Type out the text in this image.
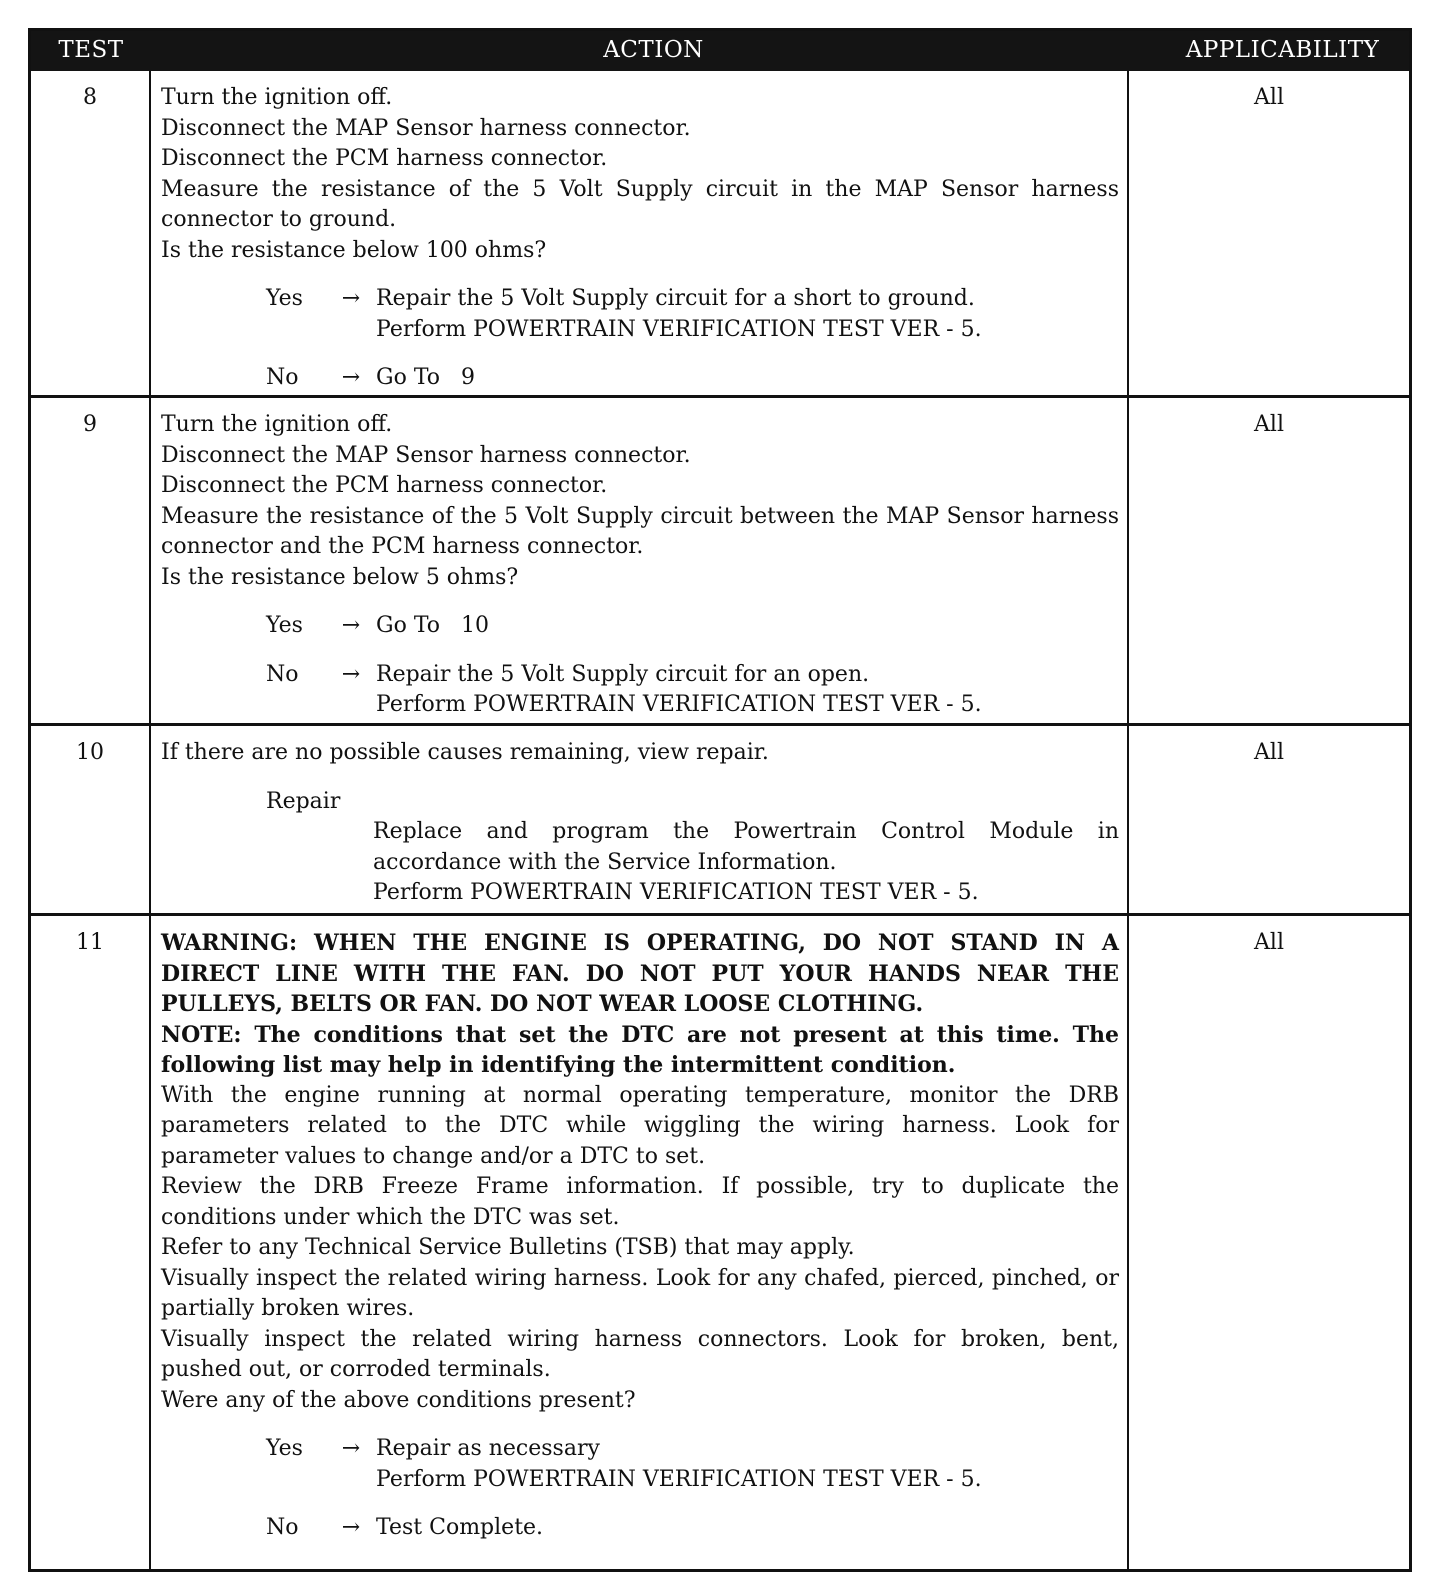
TEST	ACTION	APPLICABILITY
8	Turn the ignition off.
Disconnect the MAP Sensor harness connector.
Disconnect the PCM harness connector.
Measure the resistance of the 5 Volt Supply circuit in the MAP Sensor harness connector to ground.
Is the resistance below 100 ohms?
Yes → Repair the 5 Volt Supply circuit for a short to ground.
Perform POWERTRAIN VERIFICATION TEST VER - 5.
No → Go To   9
All
9	Turn the ignition off.
Disconnect the MAP Sensor harness connector.
Disconnect the PCM harness connector.
Measure the resistance of the 5 Volt Supply circuit between the MAP Sensor harness connector and the PCM harness connector.
Is the resistance below 5 ohms?
Yes → Go To   10
No → Repair the 5 Volt Supply circuit for an open.
Perform POWERTRAIN VERIFICATION TEST VER - 5.
All
10	If there are no possible causes remaining, view repair.
Repair
Replace and program the Powertrain Control Module in accordance with the Service Information.
Perform POWERTRAIN VERIFICATION TEST VER - 5.
All
11	WARNING: WHEN THE ENGINE IS OPERATING, DO NOT STAND IN A DIRECT LINE WITH THE FAN. DO NOT PUT YOUR HANDS NEAR THE PULLEYS, BELTS OR FAN. DO NOT WEAR LOOSE CLOTHING.
NOTE: The conditions that set the DTC are not present at this time. The following list may help in identifying the intermittent condition.
With the engine running at normal operating temperature, monitor the DRB parameters related to the DTC while wiggling the wiring harness. Look for parameter values to change and/or a DTC to set.
Review the DRB Freeze Frame information. If possible, try to duplicate the conditions under which the DTC was set.
Refer to any Technical Service Bulletins (TSB) that may apply.
Visually inspect the related wiring harness. Look for any chafed, pierced, pinched, or partially broken wires.
Visually inspect the related wiring harness connectors. Look for broken, bent, pushed out, or corroded terminals.
Were any of the above conditions present?
Yes → Repair as necessary
Perform POWERTRAIN VERIFICATION TEST VER - 5.
No → Test Complete.
All
